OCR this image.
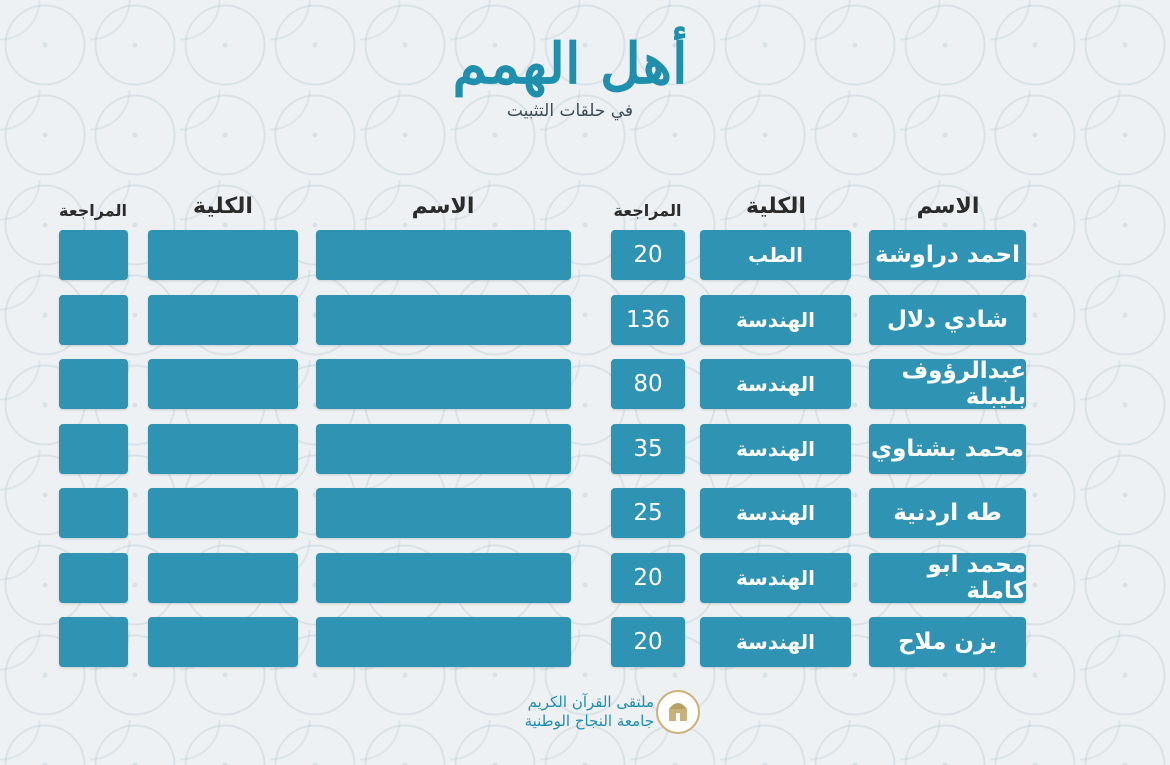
أهل الهمم
في حلقات التثبيت
الاسم
الكلية
المراجعة
الاسم
الكلية
المراجعة
احمد دراوشة
الطب
20
شادي دلال
الهندسة
136
عبدالرؤوف بليبلة
الهندسة
80
محمد بشتاوي
الهندسة
35
طه اردنية
الهندسة
25
محمد ابو كاملة
الهندسة
20
يزن ملاح
الهندسة
20
ملتقى القرآن الكريم
جامعة النجاح الوطنية
